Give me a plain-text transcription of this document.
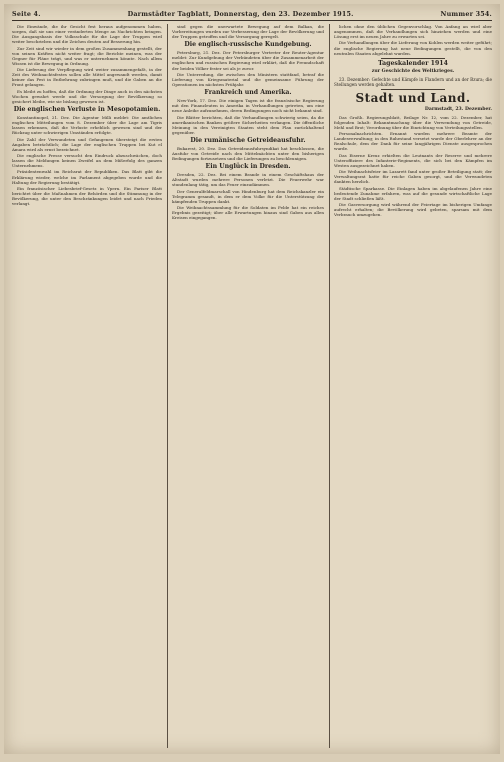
Seite 4.	Darmstädter Tagblatt, Donnerstag, den 23. Dezember 1915.	Nummer 354.

Die Einwände, die ihr Gesicht fest heraus aufgenommen haben, sorgen, daß sie uns einer veränderten Menge an Nachrichten bringen. Die Ausgangsbasis der Volksschule für die Lage der Truppen wird weiter beschrieben und die Zeichen deuten auf Besserung hin.

Zur Zeit sind wir wieder in dem großen Zusammenhang gestellt, der von seinen Kräften nicht weiter fragt; die Berichte meinen, was der Gegner für Pläne trägt, und was er unternehmen könnte. Nach allem Wissen ist die Bewegung in Ordnung.

Die Lieferung der Verpflegung wird weiter zusammengefaßt, in der Zeit des Weihnachtsfestes sollen alle Mittel angewandt werden, damit keiner das Fest in Entbehrung zubringen muß, und die Gaben an die Front gelangen.

Es bleibt zu hoffen, daß die Ordnung der Dinge auch in den nächsten Wochen gewahrt werde und die Versorgung der Bevölkerung so gesichert bleibe, wie sie bislang gewesen ist.

Die englischen Verluste in Mesopotamien.

Konstantinopel, 21. Dez. Die Agentur Milli meldet: Die amtlichen englischen Mitteilungen vom 8. Dezember über die Lage am Tigris lassen erkennen, daß die Verluste erheblich gewesen sind und der Rückzug unter schwierigen Umständen erfolgte.

Die Zahl der Verwundeten und Gefangenen übersteigt die ersten Angaben beträchtlich; die Lage der englischen Truppen bei Kut el Amara wird als ernst bezeichnet.

Die englische Presse versucht den Eindruck abzuschwächen, doch lassen die Meldungen keinen Zweifel an dem Mißerfolg des ganzen Unternehmens.

Präsidentenwahl im Reichsrat der Republiken. Das Blatt gibt die Erklärung wieder, welche im Parlament abgegeben wurde und die Haltung der Regierung bestätigt.

Ein französischer Liebesbrief-Gesetz in Ypern. Ein Pariser Blatt berichtet über die Maßnahmen der Behörden und die Stimmung in der Bevölkerung, die unter den Beschränkungen leidet und nach Frieden verlangt.

sind gegen die unerwartete Bewegung auf dem Balkan, die Vorbereitungen wurden zur Verbesserung der Lage der Bevölkerung und der Truppen getroffen und die Versorgung geregelt.

Die englisch-russische Kundgebung.

Petersburg, 21. Dez. Der Petersburger Vertreter der Reuter-Agentur meldet: Zur Kundgebung der Verbündeten über die Zusammenarbeit der englischen und russischen Regierung wird erklärt, daß die Freundschaft der beiden Völker fester sei als je zuvor.

Die Unterredung, die zwischen den Ministern stattfand, betraf die Lieferung von Kriegsmaterial und die gemeinsame Führung der Operationen im nächsten Frühjahr.

Frankreich und Amerika.

New-York, 17. Dez. Die einigen Tagen ist die französische Regierung mit den Finanzleuten in Amerika in Verhandlungen getreten, um eine neue Anleihe aufzunehmen, deren Bedingungen noch nicht bekannt sind.

Die Blätter berichten, daß die Verhandlungen schwierig seien, da die amerikanischen Banken größere Sicherheiten verlangen. Die öffentliche Meinung in den Vereinigten Staaten steht dem Plan zurückhaltend gegenüber.

Die rumänische Getreideausfuhr.

Bukarest, 20. Dez. Das Getreideausfuhrsyndikat hat beschlossen, die Ausfuhr von Getreide nach den Mittelmächten unter den bisherigen Bedingungen fortzusetzen und die Lieferungen zu beschleunigen.

Ein Unglück in Dresden.

Dresden, 22. Dez. Bei einem Brande in einem Geschäftshaus der Altstadt wurden mehrere Personen verletzt. Die Feuerwehr war stundenlang tätig, um das Feuer einzudämmen.

Der Generalfeldmarschall von Hindenburg hat dem Reichskanzler ein Telegramm gesandt, in dem er dem Volke für die Unterstützung der kämpfenden Truppen dankt.

Die Weihnachtssammlung für die Soldaten im Felde hat ein reiches Ergebnis gezeitigt; über alle Erwartungen hinaus sind Gaben aus allen Kreisen eingegangen.

lichen ohne den üblichen Gegenvorschlag. Von Anfang an wird aber angenommen, daß die Verhandlungen sich hinziehen werden und eine Lösung erst im neuen Jahre zu erwarten sei.

Die Verhandlungen über die Lieferung von Kohlen werden weiter geführt; die englische Regierung hat neue Bedingungen gestellt, die von den neutralen Staaten abgelehnt wurden.

Tageskalender 1914
zur Geschichte des Weltkrieges.

23. Dezember: Gefechte und Kämpfe in Flandern und an der Bzura; die Stellungen werden gehalten.

Stadt und Land.
Darmstadt, 23. Dezember.

Das Großh. Regierungsblatt, Beilage Nr. 12, vom 22. Dezember, hat folgenden Inhalt: Bekanntmachung über die Verwendung von Getreide, Mehl und Brot; Verordnung über die Einrichtung von Verteilungsstellen.

Personalnachrichten. Ernannt wurden mehrere Beamte der Landesverwaltung; in den Ruhestand versetzt wurde der Oberlehrer an der Realschule, dem der Dank für seine langjährigen Dienste ausgesprochen wurde.

Das Eiserne Kreuz erhielten die Leutnants der Reserve und mehrere Unteroffiziere des Infanterie-Regiments, die sich bei den Kämpfen im Westen ausgezeichnet haben.

Die Weihnachtsfeier im Lazarett fand unter großer Beteiligung statt; der Verwaltungsrat hatte für reiche Gaben gesorgt, und die Verwundeten dankten herzlich.

Städtische Sparkasse. Die Einlagen haben im abgelaufenen Jahre eine bedeutende Zunahme erfahren, was auf die gesunde wirtschaftliche Lage der Stadt schließen läßt.

Die Gasversorgung wird während der Feiertage im bisherigen Umfange aufrecht erhalten; die Bevölkerung wird gebeten, sparsam mit dem Verbrauch umzugehen.
